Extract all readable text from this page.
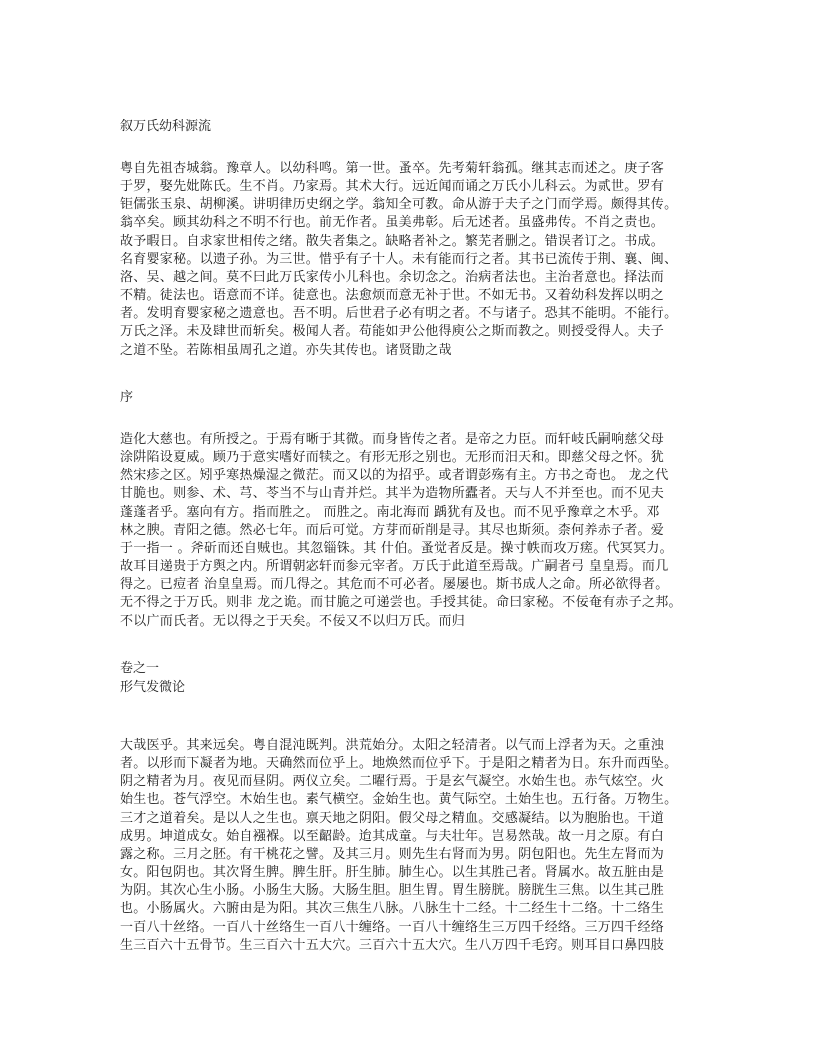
叙万氏幼科源流
粤自先祖杏城翁。豫章人。以幼科鸣。第一世。蚤卒。先考菊轩翁孤。继其志而述之。庚子客
于罗，娶先妣陈氏。生不肖。乃家焉。其术大行。远近闻而诵之万氏小儿科云。为贰世。罗有
钜儒张玉泉、胡柳溪。讲明律历史纲之学。翁知全可教。命从游于夫子之门而学焉。颇得其传。
翁卒矣。顾其幼科之不明不行也。前无作者。虽美弗彰。后无述者。虽盛弗传。不肖之责也。
故予暇日。自求家世相传之绪。散失者集之。缺略者补之。繁芜者删之。错误者订之。书成。
名育婴家秘。以遗子孙。为三世。惜乎有子十人。未有能而行之者。其书已流传于荆、襄、闽、
洛、吴、越之间。莫不曰此万氏家传小儿科也。余切念之。治病者法也。主治者意也。择法而
不精。徒法也。语意而不详。徒意也。法愈烦而意无补于世。不如无书。又着幼科发挥以明之
者。发明育婴家秘之遗意也。吾不明。后世君子必有明之者。不与诸子。恐其不能明。不能行。
万氏之泽。未及肆世而斩矣。极闻人者。苟能如尹公他得庾公之斯而教之。则授受得人。夫子
之道不坠。若陈相虽周孔之道。亦失其传也。诸贤勖之哉
序
造化大慈也。有所授之。于焉有晰于其微。而身皆传之者。是帝之力臣。而轩岐氏嗣响慈父母
涂阱陷设夏威。顾乃于意实嗜好而犊之。有形无形之别也。无形而汨天和。即慈父母之怀。犹
然宋疹之区。矧乎寒热燥湿之微茫。而又以的为招乎。或者谓彭殇有主。方书之奇也。 龙之代
甘脆也。则参、术、芎、苓当不与山青并烂。其半为造物所蠹者。天与人不并至也。而不见夫
蓬蓬者乎。塞向有方。指而胜之。 而胜之。南北海而 踽犹有及也。而不见乎豫章之木乎。邓
林之腴。青阳之德。然必七年。而后可觉。方芽而斫削是寻。其尽也斯须。柰何养赤子者。爱
于一指一 。斧斫而还自贼也。其忽锱铢。其 什伯。蚤觉者反是。操寸帙而攻万瘥。代冥冥力。
故耳目递贵于方舆之内。所谓朝宓轩而参元宰者。万氏于此道至焉哉。广嗣者弓 皇皇焉。而几
得之。已痘者 治皇皇焉。而几得之。其危而不可必者。屡屡也。斯书成人之命。所必欲得者。
无不得之于万氏。则非 龙之诡。而甘脆之可递尝也。手授其徒。命曰家秘。不佞奄有赤子之邦。
不以广而氏者。无以得之于天矣。不佞又不以归万氏。而归
卷之一
形气发微论
大哉医乎。其来远矣。粤自混沌既判。洪荒始分。太阳之轻清者。以气而上浮者为天。之重浊
者。以形而下凝者为地。天确然而位乎上。地焕然而位乎下。于是阳之精者为日。东升而西坠。
阴之精者为月。夜见而昼阴。两仪立矣。二曜行焉。于是玄气凝空。水始生也。赤气炫空。火
始生也。苍气浮空。木始生也。素气横空。金始生也。黄气际空。土始生也。五行备。万物生。
三才之道着矣。是以人之生也。禀天地之阴阳。假父母之精血。交感凝结。以为胞胎也。干道
成男。坤道成女。始自襁褓。以至齠龄。迨其成童。与夫壮年。岂易然哉。故一月之原。有白
露之称。三月之胚。有干桃花之譬。及其三月。则先生右肾而为男。阴包阳也。先生左肾而为
女。阳包阴也。其次肾生脾。脾生肝。肝生肺。肺生心。以生其胜己者。肾属水。故五脏由是
为阴。其次心生小肠。小肠生大肠。大肠生胆。胆生胃。胃生膀胱。膀胱生三焦。以生其己胜
也。小肠属火。六腑由是为阳。其次三焦生八脉。八脉生十二经。十二经生十二络。十二络生
一百八十丝络。一百八十丝络生一百八十缠络。一百八十缠络生三万四千经络。三万四千经络
生三百六十五骨节。生三百六十五大穴。三百六十五大穴。生八万四千毛窍。则耳目口鼻四肢
